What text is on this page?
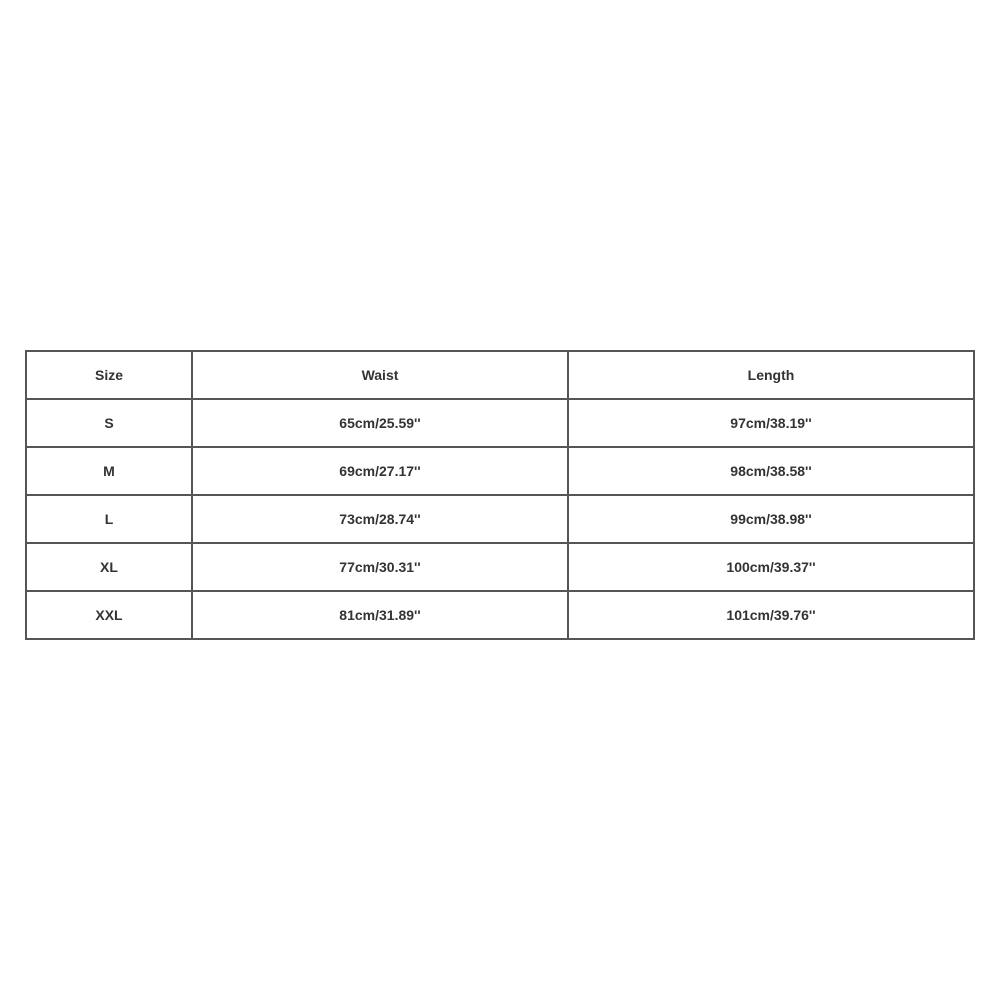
Size	Waist	Length
S	65cm/25.59''	97cm/38.19''
M	69cm/27.17''	98cm/38.58''
L	73cm/28.74''	99cm/38.98''
XL	77cm/30.31''	100cm/39.37''
XXL	81cm/31.89''	101cm/39.76''
